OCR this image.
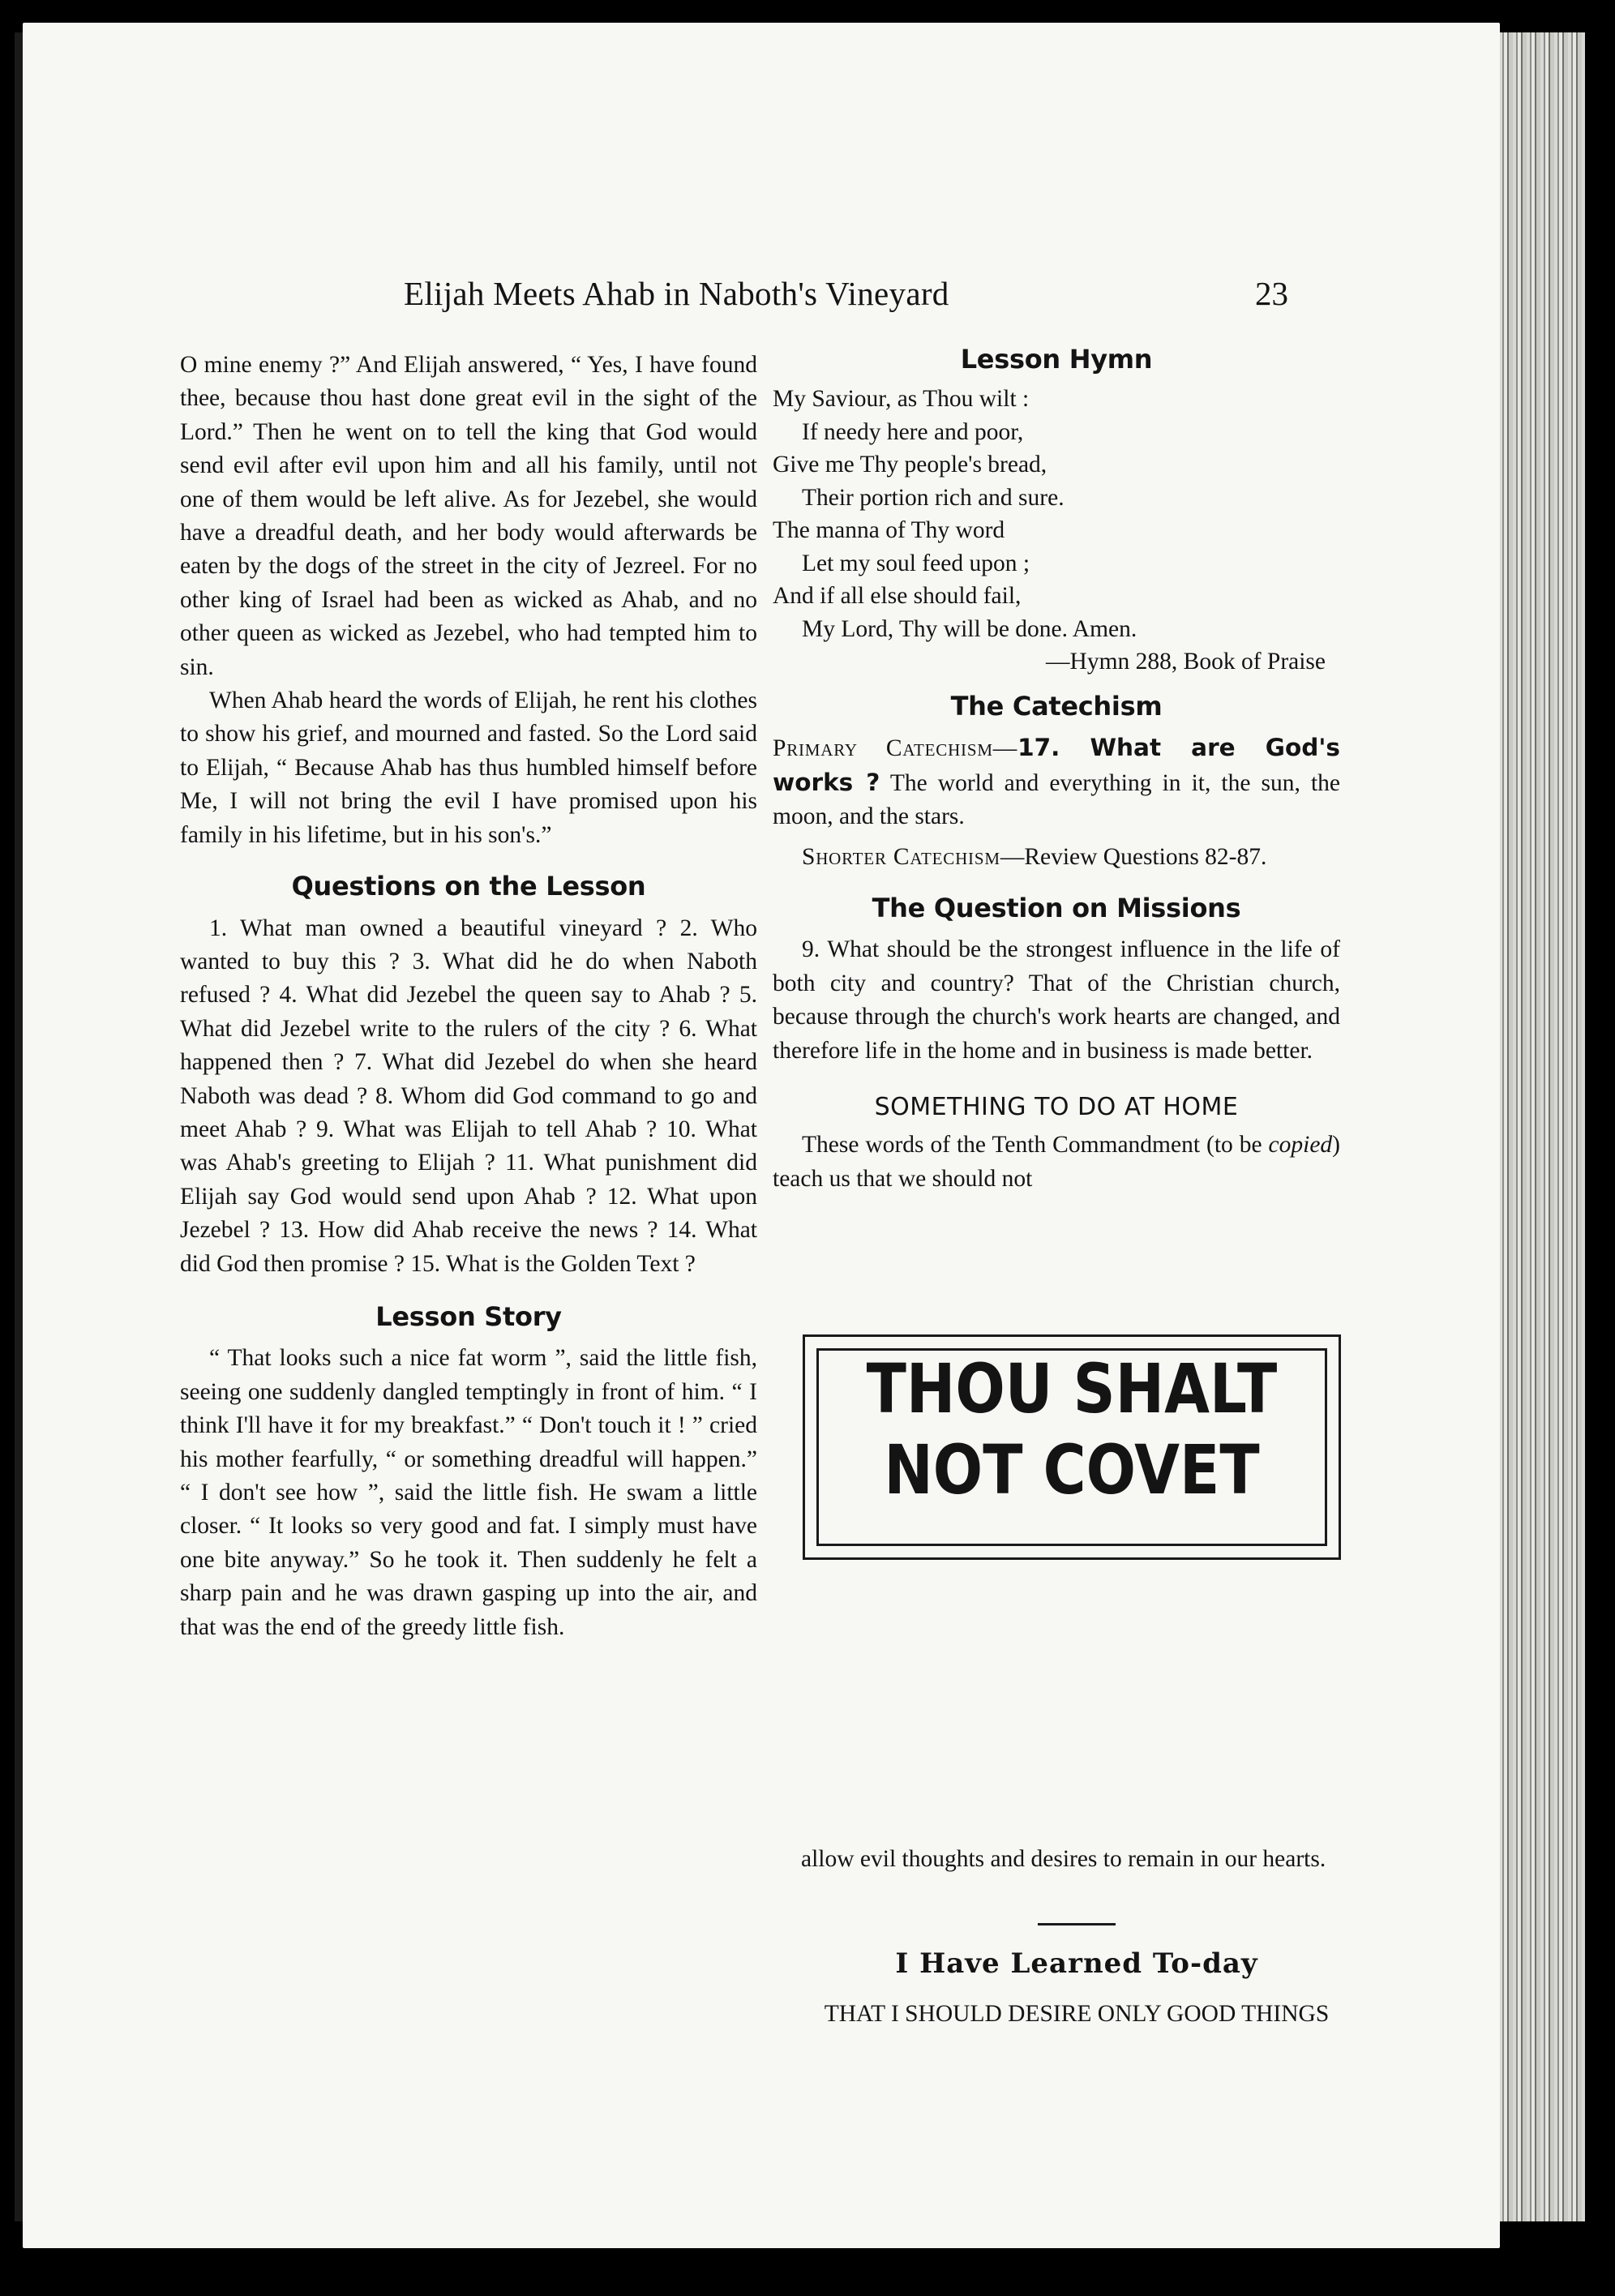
Elijah Meets Ahab in Naboth's Vineyard	23

O mine enemy ?” And Elijah answered, “ Yes, I have found thee, because thou hast done great evil in the sight of the Lord.” Then he went on to tell the king that God would send evil after evil upon him and all his family, until not one of them would be left alive. As for Jezebel, she would have a dreadful death, and her body would afterwards be eaten by the dogs of the street in the city of Jezreel. For no other king of Israel had been as wicked as Ahab, and no other queen as wicked as Jezebel, who had tempted him to sin.

When Ahab heard the words of Elijah, he rent his clothes to show his grief, and mourned and fasted. So the Lord said to Elijah, “ Because Ahab has thus humbled himself before Me, I will not bring the evil I have promised upon his family in his lifetime, but in his son's.”

Questions on the Lesson

1. What man owned a beautiful vineyard ? 2. Who wanted to buy this ? 3. What did he do when Naboth refused ? 4. What did Jezebel the queen say to Ahab ? 5. What did Jezebel write to the rulers of the city ? 6. What happened then ? 7. What did Jezebel do when she heard Naboth was dead ? 8. Whom did God command to go and meet Ahab ? 9. What was Elijah to tell Ahab ? 10. What was Ahab's greeting to Elijah ? 11. What punishment did Elijah say God would send upon Ahab ? 12. What upon Jezebel ? 13. How did Ahab receive the news ? 14. What did God then promise ? 15. What is the Golden Text ?

Lesson Story

“ That looks such a nice fat worm ”, said the little fish, seeing one suddenly dangled temptingly in front of him. “ I think I'll have it for my breakfast.” “ Don't touch it ! ” cried his mother fearfully, “ or something dreadful will happen.” “ I don't see how ”, said the little fish. He swam a little closer. “ It looks so very good and fat. I simply must have one bite anyway.” So he took it. Then suddenly he felt a sharp pain and he was drawn gasping up into the air, and that was the end of the greedy little fish.

Lesson Hymn
My Saviour, as Thou wilt :
If needy here and poor,
Give me Thy people's bread,
Their portion rich and sure.
The manna of Thy word
Let my soul feed upon ;
And if all else should fail,
My Lord, Thy will be done. Amen.
—Hymn 288, Book of Praise
The Catechism

Primary Catechism—17. What are God's works ? The world and everything in it, the sun, the moon, and the stars.

Shorter Catechism—Review Questions 82-87.

The Question on Missions

9. What should be the strongest influence in the life of both city and country? That of the Christian church, because through the church's work hearts are changed, and therefore life in the home and in business is made better.

SOMETHING TO DO AT HOME

These words of the Tenth Commandment (to be copied) teach us that we should not

THOU SHALT
NOT COVET
allow evil thoughts and desires to remain in our hearts.
I Have Learned To-day
THAT I SHOULD DESIRE ONLY GOOD THINGS
